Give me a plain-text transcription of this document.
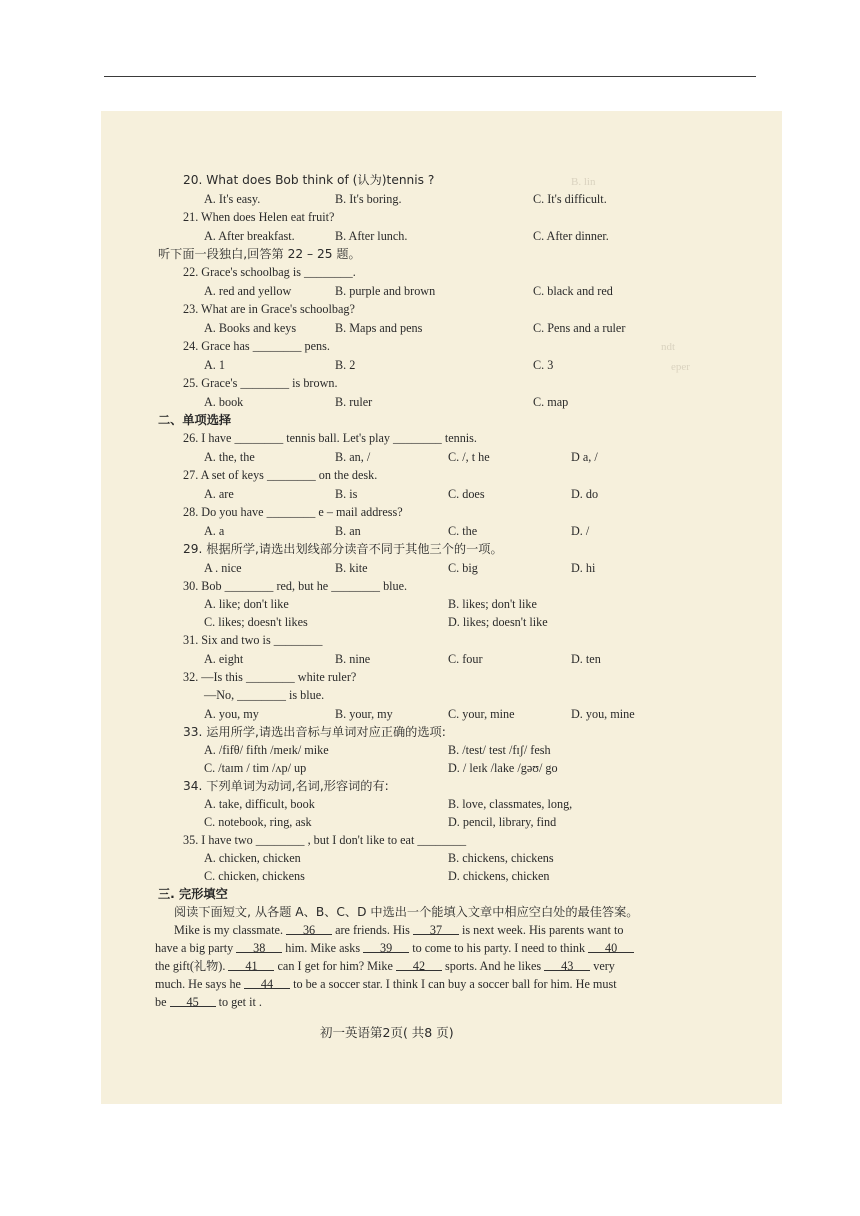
B. lin
ndt
eper
20. What does Bob think of (认为)tennis ?
A. It's easy.	B. It's boring.	C. It's difficult.
21. When does Helen eat fruit?
A. After breakfast.	B. After lunch.	C. After dinner.
听下面一段独白,回答第 22 – 25 题。
22. Grace's schoolbag is ________.
A. red and yellow	B. purple and brown	C. black and red
23. What are in Grace's schoolbag?
A. Books and keys	B. Maps and pens	C. Pens and a ruler
24. Grace has ________ pens.
A. 1	B. 2	C. 3
25. Grace's ________ is brown.
A. book	B. ruler	C. map
二、单项选择
26. I have ________ tennis ball. Let's play ________ tennis.
A. the, the	B. an, /	C. /, t he	D a, /
27. A set of keys ________ on the desk.
A. are	B. is	C. does	D. do
28. Do you have ________ e – mail address?
A. a	B. an	C. the	D. /
29. 根据所学,请选出划线部分读音不同于其他三个的一项。
A . nice	B. kite	C. big	D. hi
30. Bob ________ red, but he ________ blue.
A. like; don't like	B. likes; don't like
C. likes; doesn't likes	D. likes; doesn't like
31. Six and two is ________
A. eight	B. nine	C. four	D. ten
32. —Is this ________ white ruler?
—No, ________ is blue.
A. you, my	B. your, my	C. your, mine	D. you, mine
33. 运用所学,请选出音标与单词对应正确的选项:
A. /fifθ/ fifth /meɪk/ mike	B. /test/ test /fɪʃ/ fesh
C. /taɪm / tim /ʌp/ up	D. / leɪk /lake /gəʊ/ go
34. 下列单词为动词,名词,形容词的有:
A. take, difficult, book	B. love, classmates, long,
C. notebook, ring, ask	D. pencil, library, find
35. I have two ________ , but I don't like to eat ________
A. chicken, chicken	B. chickens, chickens
C. chicken, chickens	D. chickens, chicken
三. 完形填空
阅读下面短文, 从各题 A、B、C、D 中选出一个能填入文章中相应空白处的最佳答案。
Mike is my classmate. 36 are friends. His 37 is next week. His parents want to
have a big party 38 him. Mike asks 39 to come to his party. I need to think 40
the gift(礼物). 41 can I get for him? Mike 42 sports. And he likes 43 very
much. He says he 44 to be a soccer star. I think I can buy a soccer ball for him. He must
be 45 to get it .
初一英语第2页( 共8 页)
